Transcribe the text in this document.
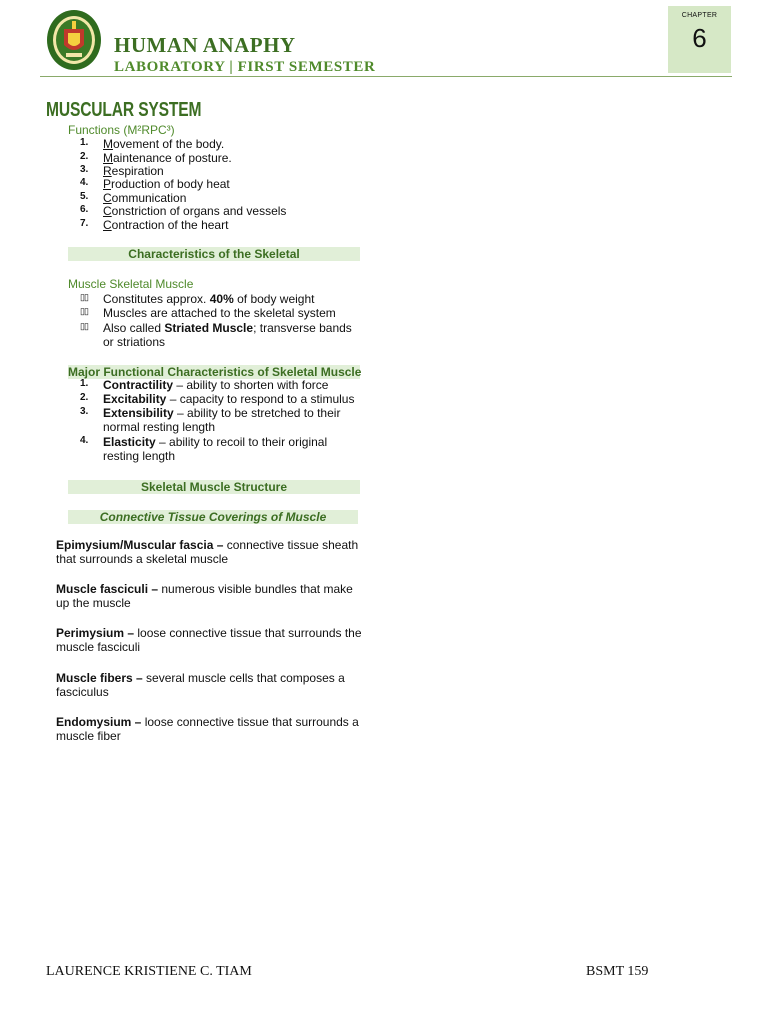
HUMAN ANAPHY
LABORATORY | FIRST SEMESTER
CHAPTER
6
MUSCULAR SYSTEM
Functions (M²RPC³)
1. Movement of the body.
2. Maintenance of posture.
3. Respiration
4. Production of body heat
5. Communication
6. Constriction of organs and vessels
7. Contraction of the heart
Characteristics of the Skeletal
Muscle Skeletal Muscle
▯▯ Constitutes approx. 40% of body weight
▯▯ Muscles are attached to the skeletal system
▯▯ Also called Striated Muscle; transverse bands
or striations
Major Functional Characteristics of Skeletal Muscle
1. Contractility – ability to shorten with force
2. Excitability – capacity to respond to a stimulus
3. Extensibility – ability to be stretched to their
normal resting length
4. Elasticity – ability to recoil to their original
resting length
Skeletal Muscle Structure
Connective Tissue Coverings of Muscle
Epimysium/Muscular fascia – connective tissue sheath that surrounds a skeletal muscle
Muscle fasciculi – numerous visible bundles that make up the muscle
Perimysium – loose connective tissue that surrounds the muscle fasciculi
Muscle fibers – several muscle cells that composes a fasciculus
Endomysium – loose connective tissue that surrounds a muscle fiber
LAURENCE KRISTIENE C. TIAM	BSMT 159
